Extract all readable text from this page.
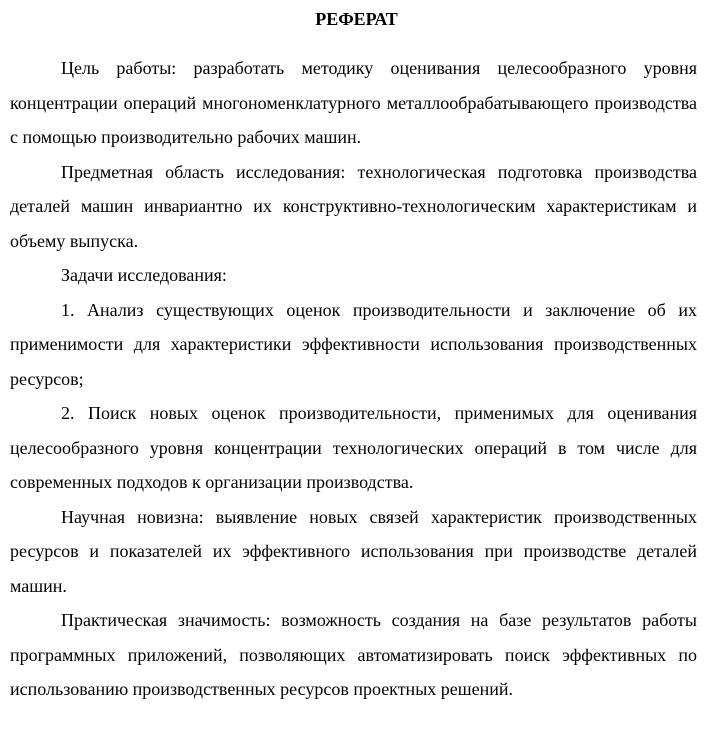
РЕФЕРАТ

Цель работы: разработать методику оценивания целесообразного уровня концентрации операций многономенклатурного металлообрабатывающего производства с помощью производительно рабочих машин.

Предметная область исследования: технологическая подготовка производства деталей машин инвариантно их конструктивно-технологическим характеристикам и объему выпуска.

Задачи исследования:

1. Анализ существующих оценок производительности и заключение об их применимости для характеристики эффективности использования производственных ресурсов;

2. Поиск новых оценок производительности, применимых для оценивания целесообразного уровня концентрации технологических операций в том числе для современных подходов к организации производства.

Научная новизна: выявление новых связей характеристик производственных ресурсов и показателей их эффективного использования при производстве деталей машин.

Практическая значимость: возможность создания на базе результатов работы программных приложений, позволяющих автоматизировать поиск эффективных по использованию производственных ресурсов проектных решений.
